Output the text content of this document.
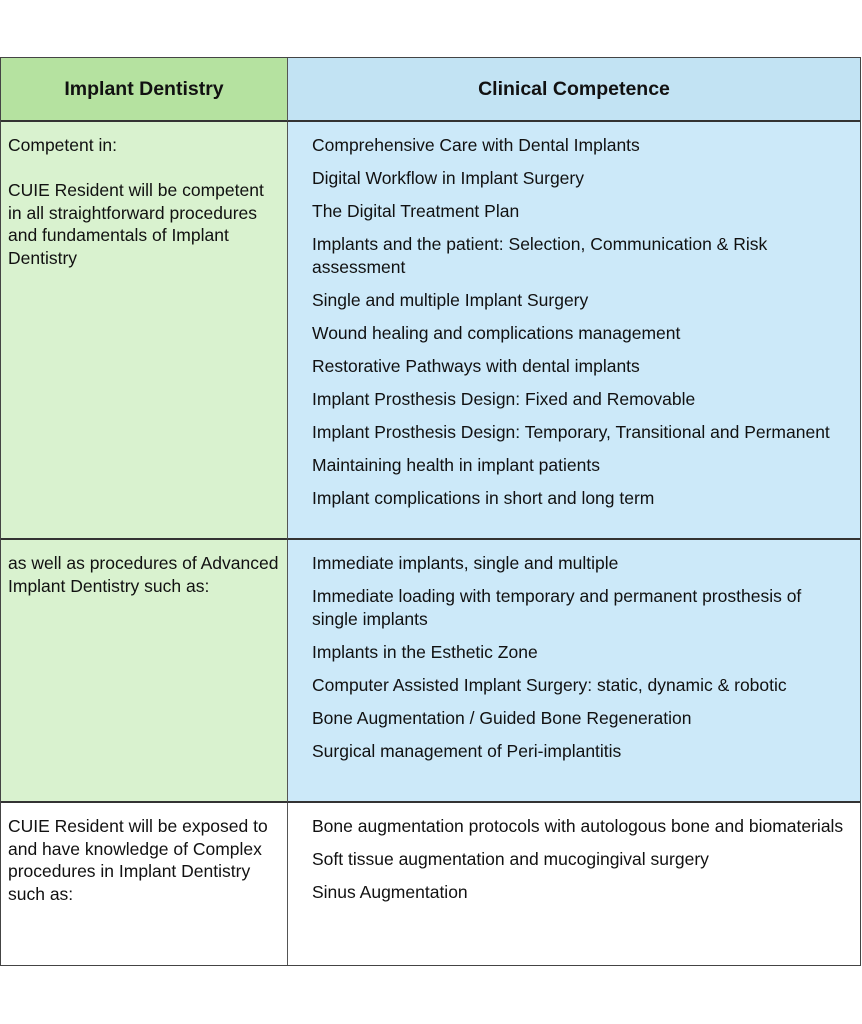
Implant Dentistry	Clinical Competence

Competent in:

CUIE Resident will be competent in all straightforward procedures and fundamentals of Implant Dentistry

Comprehensive Care with Dental Implants
Digital Workflow in Implant Surgery
The Digital Treatment Plan
Implants and the patient: Selection, Communication & Risk assessment
Single and multiple Implant Surgery
Wound healing and complications management
Restorative Pathways with dental implants
Implant Prosthesis Design: Fixed and Removable
Implant Prosthesis Design: Temporary, Transitional and Permanent
Maintaining health in implant patients
Implant complications in short and long term

as well as procedures of Advanced Implant Dentistry such as:

Immediate implants, single and multiple
Immediate loading with temporary and permanent prosthesis of single implants
Implants in the Esthetic Zone
Computer Assisted Implant Surgery: static, dynamic & robotic
Bone Augmentation / Guided Bone Regeneration
Surgical management of Peri-implantitis

CUIE Resident will be exposed to and have knowledge of Complex procedures in Implant Dentistry such as:

Bone augmentation protocols with autologous bone and biomaterials
Soft tissue augmentation and mucogingival surgery
Sinus Augmentation
